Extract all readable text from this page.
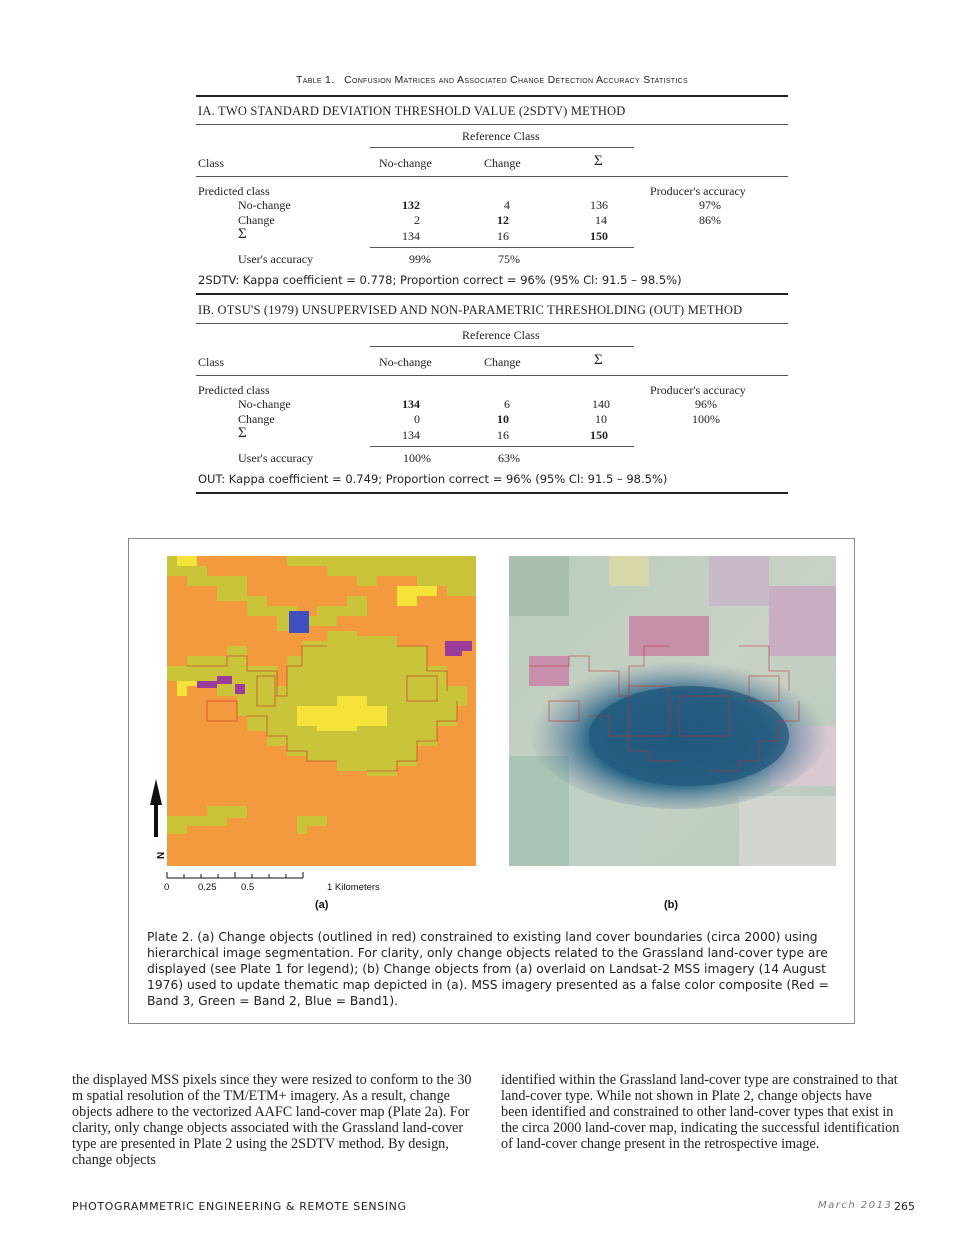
Table 1. Confusion Matrices and Associated Change Detection Accuracy Statistics
IA. TWO STANDARD DEVIATION THRESHOLD VALUE (2SDTV) METHOD
Reference Class
Class	No-change	Change	Σ
Predicted class	Producer's accuracy
No-change	132	4	136	97%
Change	2	12	14	86%
Σ	134	16	150
User's accuracy	99%	75%
2SDTV: Kappa coefficient = 0.778; Proportion correct = 96% (95% Cl: 91.5 – 98.5%)
IB. OTSU'S (1979) UNSUPERVISED AND NON-PARAMETRIC THRESHOLDING (OUT) METHOD
Reference Class
Class	No-change	Change	Σ
Predicted class	Producer's accuracy
No-change	134	6	140	96%
Change	0	10	10	100%
Σ	134	16	150
User's accuracy	100%	63%
OUT: Kappa coefficient = 0.749; Proportion correct = 96% (95% Cl: 91.5 – 98.5%)
N
0	0.25	0.5	1 Kilometers
(a)	(b)
Plate 2. (a) Change objects (outlined in red) constrained to existing land cover boundaries (circa 2000) using hierarchical image segmentation. For clarity, only change objects related to the Grassland land-cover type are displayed (see Plate 1 for legend); (b) Change objects from (a) overlaid on Landsat-2 MSS imagery (14 August 1976) used to update thematic map depicted in (a). MSS imagery presented as a false color composite (Red = Band 3, Green = Band 2, Blue = Band1).
the displayed MSS pixels since they were resized to conform to the 30 m spatial resolution of the TM/ETM+ imagery. As a result, change objects adhere to the vectorized AAFC land-cover map (Plate 2a). For clarity, only change objects associated with the Grassland land-cover type are presented in Plate 2 using the 2SDTV method. By design, change objects
identified within the Grassland land-cover type are constrained to that land-cover type. While not shown in Plate 2, change objects have been identified and constrained to other land-cover types that exist in the circa 2000 land-cover map, indicating the successful identification of land-cover change present in the retrospective image.
PHOTOGRAMMETRIC ENGINEERING & REMOTE SENSING	March 2013 265
